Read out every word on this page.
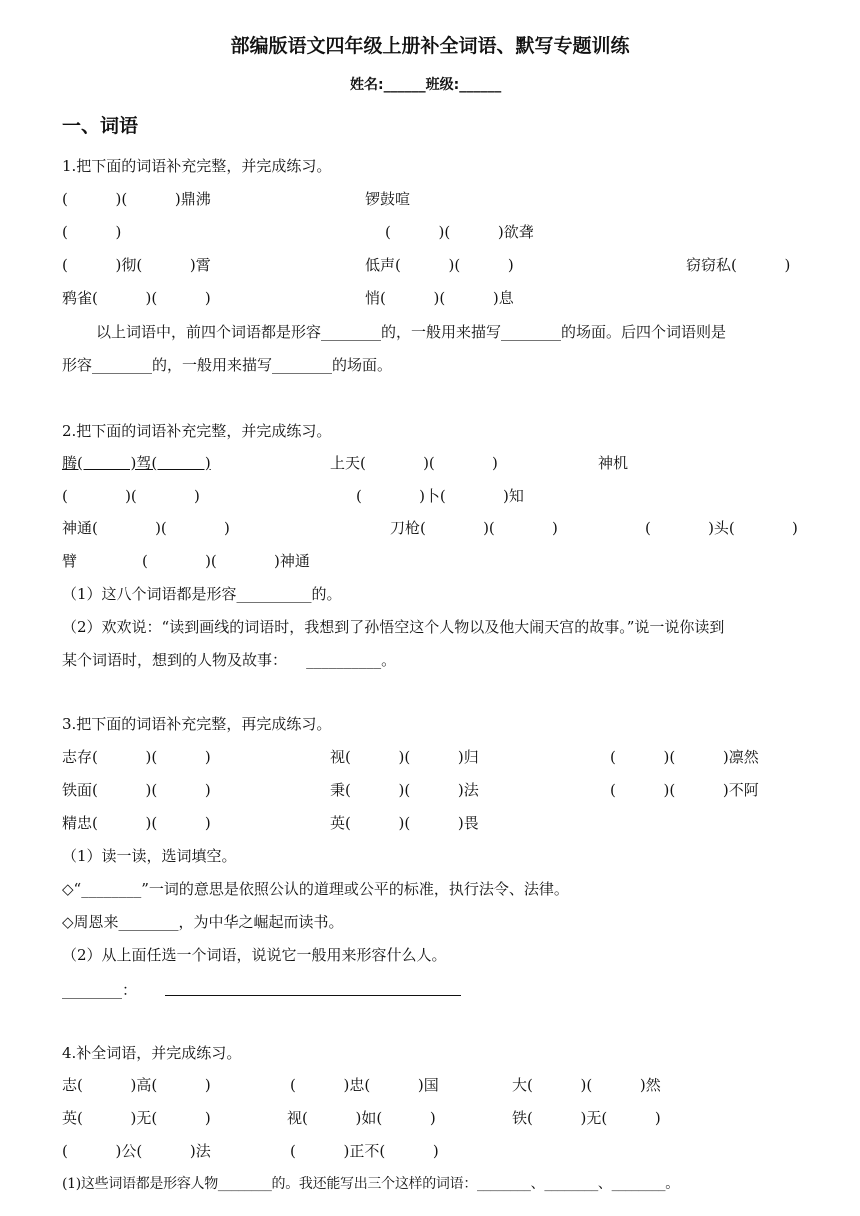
部编版语文四年级上册补全词语、默写专题训练
姓名:______班级:______
一、词语
1.把下面的词语补充完整，并完成练习。
(          )(          )鼎沸	锣鼓喧
(          )	(          )(          )欲聋
(          )彻(          )霄	低声(          )(          )	窃窃私(          )
鸦雀(          )(          )	悄(          )(          )息
以上词语中，前四个词语都是形容________的，一般用来描写________的场面。后四个词语则是
形容________的，一般用来描写________的场面。
2.把下面的词语补充完整，并完成练习。
腾(          )驾(          )	上天(            )(            )	神机
(            )(            )	(            )卜(            )知
神通(            )(            )	刀枪(            )(            )	(            )头(            )
臂	(            )(            )神通
（1）这八个词语都是形容__________的。
（2）欢欢说：“读到画线的词语时，我想到了孙悟空这个人物以及他大闹天宫的故事。”说一说你读到
某个词语时，想到的人物及故事：    __________。
3.把下面的词语补充完整，再完成练习。
志存(          )(          )	视(          )(          )归	(          )(          )凛然
铁面(          )(          )	秉(          )(          )法	(          )(          )不阿
精忠(          )(          )	英(          )(          )畏
（1）读一读，选词填空。
◇“________”一词的意思是依照公认的道理或公平的标准，执行法令、法律。
◇周恩来________，为中华之崛起而读书。
（2）从上面任选一个词语，说说它一般用来形容什么人。
________：
4.补全词语，并完成练习。
志(          )高(          )	(          )忠(          )国	大(          )(          )然
英(          )无(          )	视(          )如(          )	铁(          )无(          )
(          )公(          )法	(          )正不(          )
(1)这些词语都是形容人物________的。我还能写出三个这样的词语：________、________、________。
